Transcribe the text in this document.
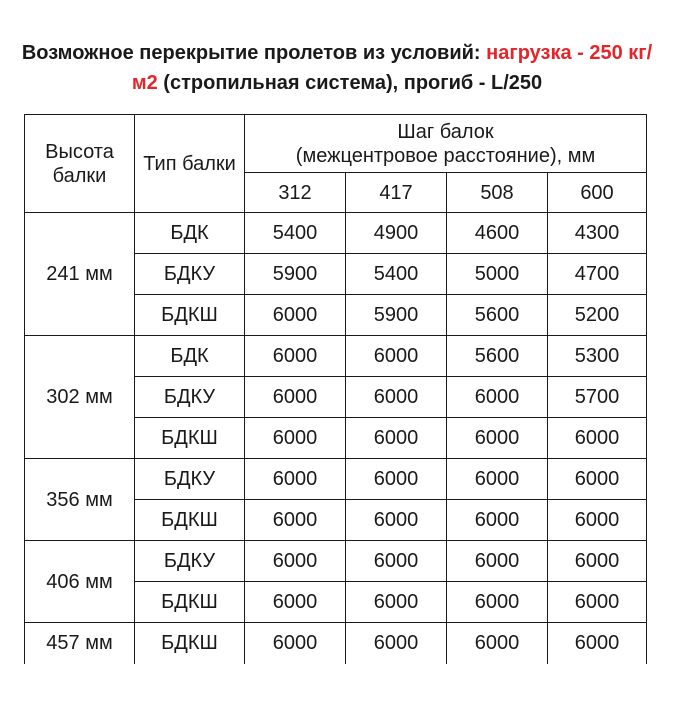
Возможное перекрытие пролетов из условий: нагрузка - 250 кг/м2 (стропильная система), прогиб - L/250
Высота балки	Тип балки	Шаг балок
(межцентровое расстояние), мм			

		312	417	508	600
241 мм	БДК	5400	4900	4600	4300
	БДКУ	5900	5400	5000	4700
	БДКШ	6000	5900	5600	5200
302 мм	БДК	6000	6000	5600	5300
	БДКУ	6000	6000	6000	5700
	БДКШ	6000	6000	6000	6000
356 мм	БДКУ	6000	6000	6000	6000
	БДКШ	6000	6000	6000	6000
406 мм	БДКУ	6000	6000	6000	6000
	БДКШ	6000	6000	6000	6000
457 мм	БДКШ	6000	6000	6000	6000
